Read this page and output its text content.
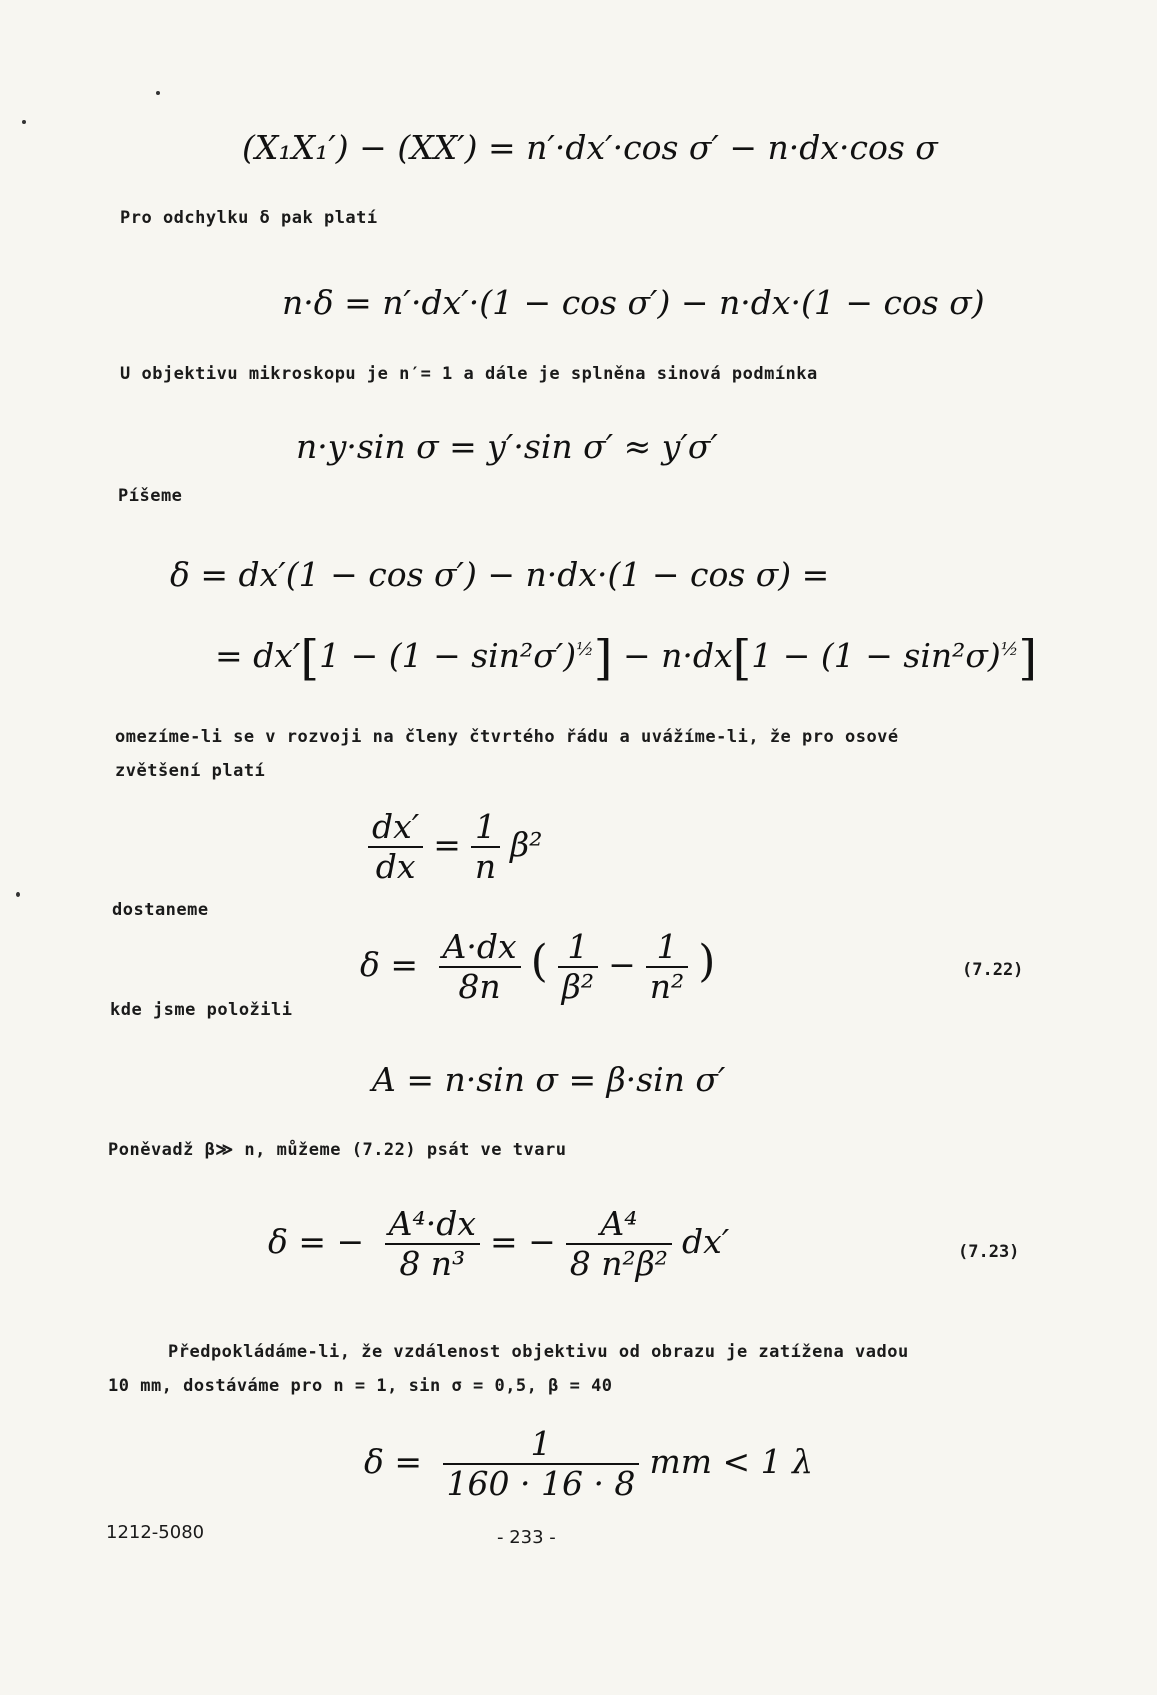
(X₁X₁′) − (XX′) = n′·dx′·cos σ′ − n·dx·cos σ
Pro odchylku δ pak platí
n·δ = n′·dx′·(1 − cos σ′) − n·dx·(1 − cos σ)
U objektivu mikroskopu je n′= 1 a dále je splněna sinová podmínka
n·y·sin σ = y′·sin σ′ ≈ y′σ′
Píšeme
δ = dx′(1 − cos σ′) − n·dx·(1 − cos σ) =
= $dx'[1 - (1 - \sin^2\sigma')^{\frac{1}{2}}] - n\cdot dx[1 - (1 - \sin^2\sigma)^{\frac{1}{2}}]$
omezíme-li se v rozvoji na členy čtvrtého řádu a uvážíme-li, že pro osové
zvětšení platí
$\frac{dx'}{dx} = \frac{1}{n} \beta^2$
dostaneme
$\delta = \frac{A\cdot dx}{8n}$ ( $\frac{1}{\text{β²}} - \frac{1}{\text{n²}}$ )	(7.22)
kde jsme položili
A = n·sin σ = β·sin σ′
Poněvadž β≫ n, můžeme (7.22) psát ve tvaru
δ = − $\frac{\text{A⁴·dx}}{\text{8 n³}}$ = − $\frac{\text{A⁴}}{\text{8 n²β²}} dx'$	(7.23)
Předpokládáme-li, že vzdálenost objektivu od obrazu je zatížena vadou
10 mm, dostáváme pro n = 1, sin σ = 0,5, β = 40
$\delta = \frac{1}{160 \cdot 16 \cdot 8}$ mm < 1 λ
1212-5080	- 233 -
